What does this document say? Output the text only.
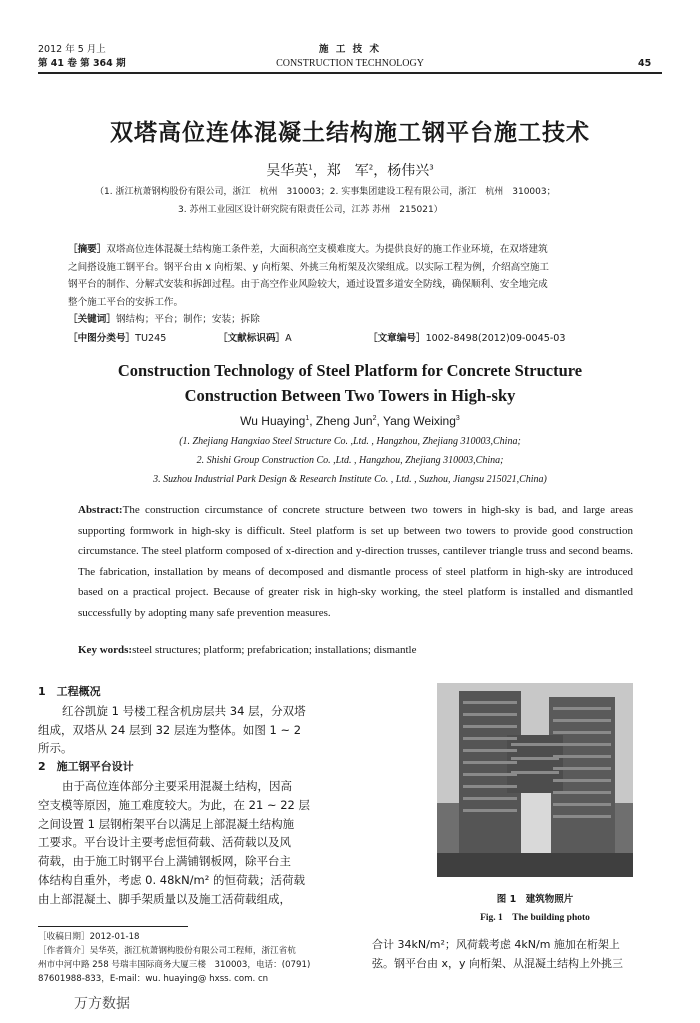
2012 年 5 月上
第 41 卷 第 364 期
施 工 技 术
CONSTRUCTION TECHNOLOGY	45
双塔高位连体混凝土结构施工钢平台施工技术
吴华英$^1$，郑　军$^2$，杨伟兴$^3$
（1. 浙江杭萧钢构股份有限公司，浙江　杭州　310003；2. 实事集团建设工程有限公司，浙江　杭州　310003；
3. 苏州工业园区设计研究院有限责任公司，江苏 苏州　215021）
［摘要］双塔高位连体混凝土结构施工条件差，大面积高空支模难度大。为提供良好的施工作业环境，在双塔建筑
之间搭设施工钢平台。钢平台由 x 向桁架、y 向桁架、外挑三角桁架及次梁组成。以实际工程为例，介绍高空施工
钢平台的制作、分解式安装和拆卸过程。由于高空作业风险较大，通过设置多道安全防线，确保顺利、安全地完成
整个施工平台的安拆工作。
［关键词］钢结构；平台；制作；安装；拆除
［中图分类号］TU245	［文献标识码］A	［文章编号］1002-8498(2012)09-0045-03
Construction Technology of Steel Platform for Concrete Structure
Construction Between Two Towers in High-sky
Wu Huaying$^1$, Zheng Jun$^2$, Yang Weixing$^3$
(1. Zhejiang Hangxiao Steel Structure Co. ,Ltd. , Hangzhou, Zhejiang 310003,China;
2. Shishi Group Construction Co. ,Ltd. , Hangzhou, Zhejiang 310003,China;
3. Suzhou Industrial Park Design & Research Institute Co. , Ltd. , Suzhou, Jiangsu 215021,China)
Abstract:The construction circumstance of concrete structure between two towers in high-sky is bad, and large areas supporting formwork in high-sky is difficult. Steel platform is set up between two towers to provide good construction circumstance. The steel platform composed of x-direction and y-direction trusses, cantilever triangle truss and second beams. The fabrication, installation by means of decomposed and dismantle process of steel platform in high-sky are introduced based on a practical project. Because of greater risk in high-sky working, the steel platform is installed and dismantled successfully by adopting many safe prevention measures.
Key words:steel structures; platform; prefabrication; installations; dismantle
1　工程概况
红谷凯旋 1 号楼工程含机房层共 34 层，分双塔
组成，双塔从 24 层到 32 层连为整体。如图 1 ~ 2
所示。
2　施工钢平台设计
由于高位连体部分主要采用混凝土结构，因高
空支模等原因，施工难度较大。为此，在 21 ~ 22 层
之间设置 1 层钢桁架平台以满足上部混凝土结构施
工要求。平台设计主要考虑恒荷载、活荷载以及风
荷载，由于施工时钢平台上满铺钢板网，除平台主
体结构自重外，考虑 0. 48kN/m² 的恒荷载；活荷载
由上部混凝土、脚手架质量以及施工活荷载组成，	图 1　建筑物照片
Fig. 1　The building photo
合计 34kN/m²；风荷载考虑 4kN/m 施加在桁架上
弦。钢平台由 x，y 向桁架、从混凝土结构上外挑三
［收稿日期］2012-01-18
［作者简介］吴华英，浙江杭萧钢构股份有限公司工程师，浙江省杭
州市中河中路 258 号瑞丰国际商务大厦三楼　310003，电话：(0791)
87601988-833，E-mail：wu. huaying@ hxss. com. cn
万方数据
